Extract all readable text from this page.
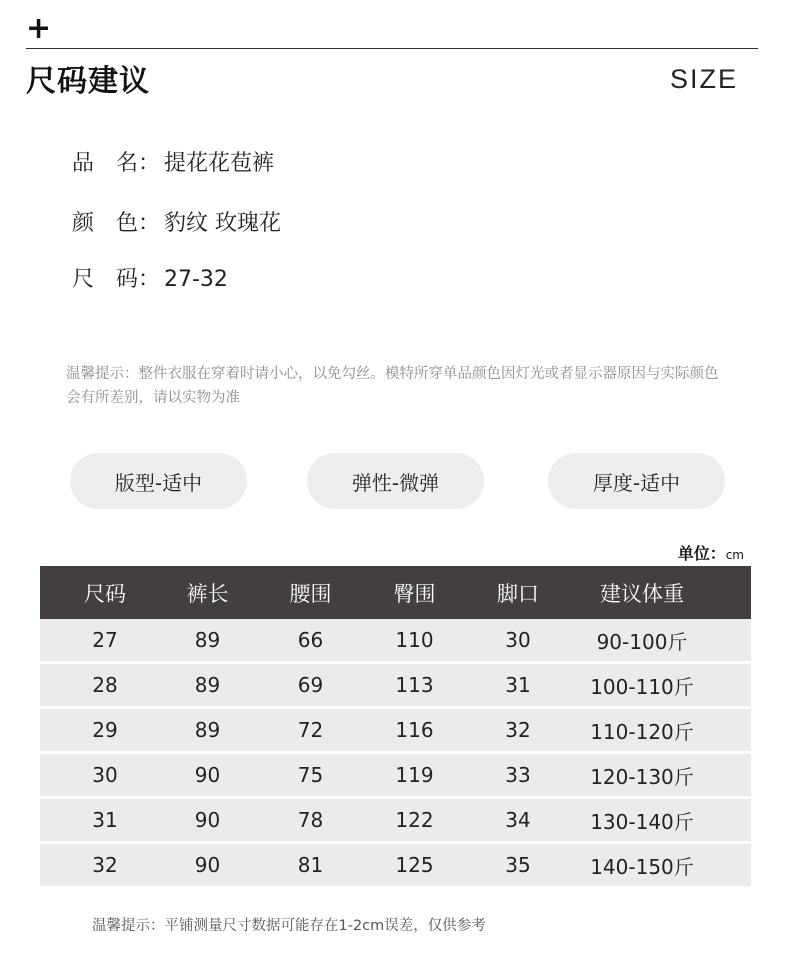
+
尺码建议	SIZE
品　名： 提花花苞裤
颜　色： 豹纹 玫瑰花
尺　码： 27-32
温馨提示：整件衣服在穿着时请小心，以免勾丝。模特所穿单品颜色因灯光或者显示器原因与实际颜色会有所差别，请以实物为准
版型-适中	弹性-微弹	厚度-适中
单位：cm
尺码	裤长	腰围	臀围	脚口	建议体重
27	89	66	110	30	90-100斤
28	89	69	113	31	100-110斤
29	89	72	116	32	110-120斤
30	90	75	119	33	120-130斤
31	90	78	122	34	130-140斤
32	90	81	125	35	140-150斤
温馨提示：平铺测量尺寸数据可能存在1-2cm误差，仅供参考
